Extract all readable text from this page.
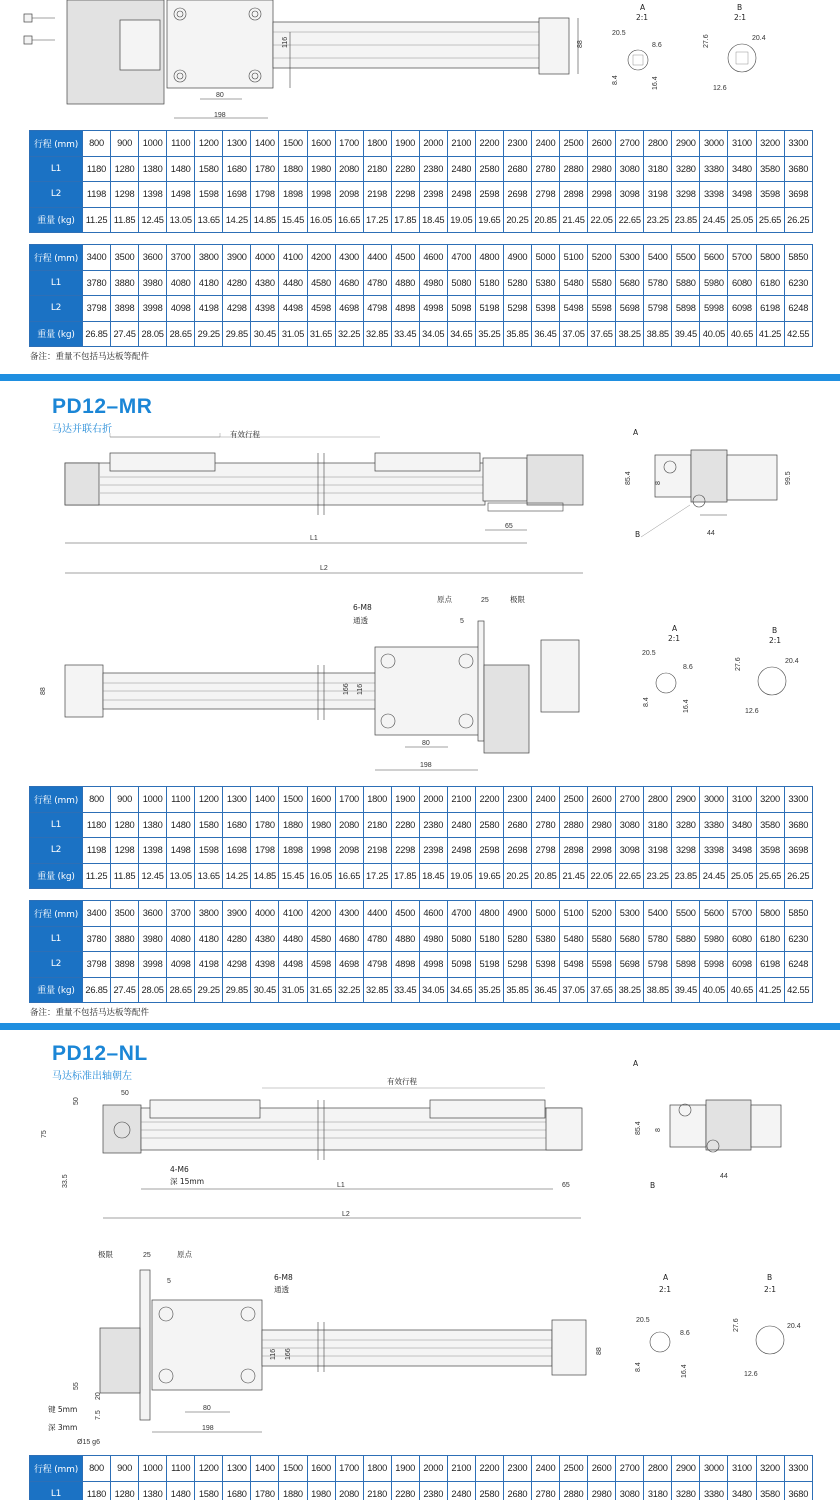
80
198
116	88
A
2:1
20.5
8.6
8.4	16.4
B
2:1
20.4
27.6
12.6
行程 (mm)	800	900	1000	1100	1200	1300	1400	1500	1600	1700	1800	1900	2000	2100	2200	2300	2400	2500	2600	2700	2800	2900	3000	3100	3200	3300
L1	1180	1280	1380	1480	1580	1680	1780	1880	1980	2080	2180	2280	2380	2480	2580	2680	2780	2880	2980	3080	3180	3280	3380	3480	3580	3680
L2	1198	1298	1398	1498	1598	1698	1798	1898	1998	2098	2198	2298	2398	2498	2598	2698	2798	2898	2998	3098	3198	3298	3398	3498	3598	3698
重量 (kg)	11.25	11.85	12.45	13.05	13.65	14.25	14.85	15.45	16.05	16.65	17.25	17.85	18.45	19.05	19.65	20.25	20.85	21.45	22.05	22.65	23.25	23.85	24.45	25.05	25.65	26.25
行程 (mm)	3400	3500	3600	3700	3800	3900	4000	4100	4200	4300	4400	4500	4600	4700	4800	4900	5000	5100	5200	5300	5400	5500	5600	5700	5800	5850
L1	3780	3880	3980	4080	4180	4280	4380	4480	4580	4680	4780	4880	4980	5080	5180	5280	5380	5480	5580	5680	5780	5880	5980	6080	6180	6230
L2	3798	3898	3998	4098	4198	4298	4398	4498	4598	4698	4798	4898	4998	5098	5198	5298	5398	5498	5598	5698	5798	5898	5998	6098	6198	6248
重量 (kg)	26.85	27.45	28.05	28.65	29.25	29.85	30.45	31.05	31.65	32.25	32.85	33.45	34.05	34.65	35.25	35.85	36.45	37.05	37.65	38.25	38.85	39.45	40.05	40.65	41.25	42.55
备注：重量不包括马达板等配件
PD12–MR
马达并联右折	有效行程
65
L1
L2
A
85.4	8	99.5
44
B
6-M8
通透
原点	25	极限
5
88	166 116
80
198
A
2:1
20.5
8.6
8.4	16.4
B
2:1
20.4
27.6
12.6
行程 (mm)	800	900	1000	1100	1200	1300	1400	1500	1600	1700	1800	1900	2000	2100	2200	2300	2400	2500	2600	2700	2800	2900	3000	3100	3200	3300
L1	1180	1280	1380	1480	1580	1680	1780	1880	1980	2080	2180	2280	2380	2480	2580	2680	2780	2880	2980	3080	3180	3280	3380	3480	3580	3680
L2	1198	1298	1398	1498	1598	1698	1798	1898	1998	2098	2198	2298	2398	2498	2598	2698	2798	2898	2998	3098	3198	3298	3398	3498	3598	3698
重量 (kg)	11.25	11.85	12.45	13.05	13.65	14.25	14.85	15.45	16.05	16.65	17.25	17.85	18.45	19.05	19.65	20.25	20.85	21.45	22.05	22.65	23.25	23.85	24.45	25.05	25.65	26.25
行程 (mm)	3400	3500	3600	3700	3800	3900	4000	4100	4200	4300	4400	4500	4600	4700	4800	4900	5000	5100	5200	5300	5400	5500	5600	5700	5800	5850
L1	3780	3880	3980	4080	4180	4280	4380	4480	4580	4680	4780	4880	4980	5080	5180	5280	5380	5480	5580	5680	5780	5880	5980	6080	6180	6230
L2	3798	3898	3998	4098	4198	4298	4398	4498	4598	4698	4798	4898	4998	5098	5198	5298	5398	5498	5598	5698	5798	5898	5998	6098	6198	6248
重量 (kg)	26.85	27.45	28.05	28.65	29.25	29.85	30.45	31.05	31.65	32.25	32.85	33.45	34.05	34.65	35.25	35.85	36.45	37.05	37.65	38.25	38.85	39.45	40.05	40.65	41.25	42.55
备注：重量不包括马达板等配件
PD12–NL
马达标准出轴朝左	有效行程
50
50
75
33.5
4-M6
深 15mm	L1
L2
65
A
85.4 8
44
B
极限	25	原点
5	6-M8
通透
116 166	88
80
198
55
20
7.5
键 5mm
深 3mm
Ø15 g6
A
2:1
20.5
8.6
8.4	16.4
B
2:1
20.4
27.6
12.6
行程 (mm)	800	900	1000	1100	1200	1300	1400	1500	1600	1700	1800	1900	2000	2100	2200	2300	2400	2500	2600	2700	2800	2900	3000	3100	3200	3300
L1	1180	1280	1380	1480	1580	1680	1780	1880	1980	2080	2180	2280	2380	2480	2580	2680	2780	2880	2980	3080	3180	3280	3380	3480	3580	3680
